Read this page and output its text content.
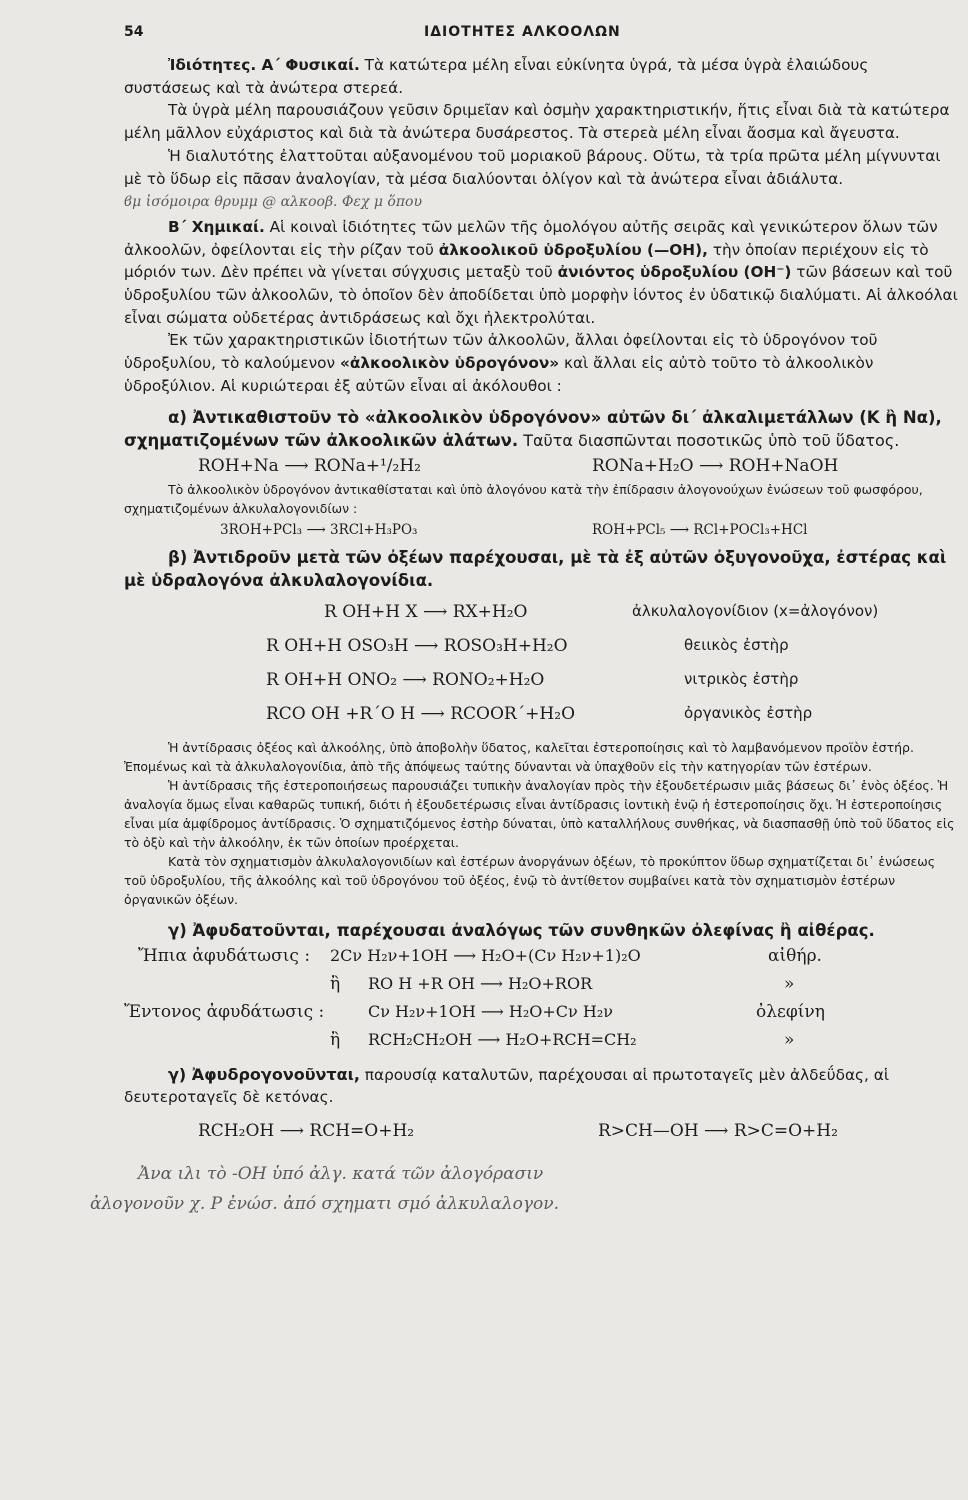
54	ΙΔΙΟΤΗΤΕΣ ΑΛΚΟΟΛΩΝ

Ἰδιότητες. Α΄ Φυσικαί. Τὰ κατώτερα μέλη εἶναι εὐκίνητα ὑγρά, τὰ μέσα ὑγρὰ ἐλαιώδους συστάσεως καὶ τὰ ἀνώτερα στερεά.

Τὰ ὑγρὰ μέλη παρουσιάζουν γεῦσιν δριμεῖαν καὶ ὀσμὴν χαρακτηριστικήν, ἥτις εἶναι διὰ τὰ κατώτερα μέλη μᾶλλον εὐχάριστος καὶ διὰ τὰ ἀνώτερα δυσάρεστος. Τὰ στερεὰ μέλη εἶναι ἄοσμα καὶ ἄγευστα.

Ἡ διαλυτότης ἐλαττοῦται αὐξανομένου τοῦ μοριακοῦ βάρους. Οὕτω, τὰ τρία πρῶτα μέλη μίγνυνται μὲ τὸ ὕδωρ εἰς πᾶσαν ἀναλογίαν, τὰ μέσα διαλύονται ὀλίγον καὶ τὰ ἀνώτερα εἶναι ἀδιάλυτα. ϐμ ἰσόμοιρα θρυμμ @ αλκοοβ. Φεχ μ ὅπου

Β΄ Χημικαί. Αἱ κοιναὶ ἰδιότητες τῶν μελῶν τῆς ὁμολόγου αὐτῆς σειρᾶς καὶ γενικώτερον ὅλων τῶν ἀλκοολῶν, ὀφείλονται εἰς τὴν ρίζαν τοῦ ἀλκοολικοῦ ὑδροξυλίου (—ΟΗ), τὴν ὁποίαν περιέχουν εἰς τὸ μόριόν των. Δὲν πρέπει νὰ γίνεται σύγχυσις μεταξὺ τοῦ ἀνιόντος ὑδροξυλίου (ΟΗ⁻) τῶν βάσεων καὶ τοῦ ὑδροξυλίου τῶν ἀλκοολῶν, τὸ ὁποῖον δὲν ἀποδίδεται ὑπὸ μορφὴν ἰόντος ἐν ὑδατικῷ διαλύματι. Αἱ ἀλκοόλαι εἶναι σώματα οὐδετέρας ἀντιδράσεως καὶ ὄχι ἠλεκτρολύται.

Ἐκ τῶν χαρακτηριστικῶν ἰδιοτήτων τῶν ἀλκοολῶν, ἄλλαι ὀφείλονται εἰς τὸ ὑδρογόνον τοῦ ὑδροξυλίου, τὸ καλούμενον «ἀλκοολικὸν ὑδρογόνον» καὶ ἄλλαι εἰς αὐτὸ τοῦτο τὸ ἀλκοολικὸν ὑδροξύλιον. Αἱ κυριώτεραι ἐξ αὐτῶν εἶναι αἱ ἀκόλουθοι :

α) Ἀντικαθιστοῦν τὸ «ἀλκοολικὸν ὑδρογόνον» αὐτῶν δι΄ ἀλκαλιμετάλλων (Κ ἢ Να), σχηματιζομένων τῶν ἀλκοολικῶν ἁλάτων. Ταῦτα διασπῶνται ποσοτικῶς ὑπὸ τοῦ ὕδατος.

ROH+Na ⟶ RONa+¹/₂H₂	RONa+H₂O ⟶ ROH+NaOH

Τὸ ἀλκοολικὸν ὑδρογόνον ἀντικαθίσταται καὶ ὑπὸ ἀλογόνου κατὰ τὴν ἐπίδρασιν ἀλογονούχων ἑνώσεων τοῦ φωσφόρου, σχηματιζομένων ἀλκυλαλογονιδίων :

3ROH+PCl₃ ⟶ 3RCl+H₃PO₃	ROH+PCl₅ ⟶ RCl+POCl₃+HCl

β) Ἀντιδροῦν μετὰ τῶν ὀξέων παρέχουσαι, μὲ τὰ ἐξ αὐτῶν ὀξυγονοῦχα, ἐστέρας καὶ μὲ ὑδραλογόνα ἀλκυλαλογονίδια.

R OH+H X ⟶ RX+H₂O	ἀλκυλαλογονίδιον (x=ἀλογόνον)
R OH+H OSO₃H ⟶ ROSO₃H+H₂O	θειικὸς ἐστὴρ
R OH+H ONO₂ ⟶ RONO₂+H₂O	νιτρικὸς ἐστὴρ
RCO OH +R΄O H ⟶ RCOOR΄+H₂O	ὀργανικὸς ἐστὴρ

Ἡ ἀντίδρασις ὀξέος καὶ ἀλκοόλης, ὑπὸ ἀποβολὴν ὕδατος, καλεῖται ἐστεροποίησις καὶ τὸ λαμβανόμενον προϊὸν ἐστήρ. Ἐπομένως καὶ τὰ ἀλκυλαλογονίδια, ἀπὸ τῆς ἀπόψεως ταύτης δύνανται νὰ ὑπαχθοῦν εἰς τὴν κατηγορίαν τῶν ἐστέρων.

Ἡ ἀντίδρασις τῆς ἐστεροποιήσεως παρουσιάζει τυπικὴν ἀναλογίαν πρὸς τὴν ἐξουδετέρωσιν μιᾶς βάσεως δι᾽ ἑνὸς ὀξέος. Ἡ ἀναλογία ὅμως εἶναι καθαρῶς τυπική, διότι ἡ ἐξουδετέρωσις εἶναι ἀντίδρασις ἰοντικὴ ἐνῷ ἡ ἐστεροποίησις ὄχι. Ἡ ἐστεροποίησις εἶναι μία ἀμφίδρομος ἀντίδρασις. Ὁ σχηματιζόμενος ἐστὴρ δύναται, ὑπὸ καταλλήλους συνθήκας, νὰ διασπασθῇ ὑπὸ τοῦ ὕδατος εἰς τὸ ὀξὺ καὶ τὴν ἀλκοόλην, ἐκ τῶν ὁποίων προέρχεται.

Κατὰ τὸν σχηματισμὸν ἀλκυλαλογονιδίων καὶ ἐστέρων ἀνοργάνων ὀξέων, τὸ προκύπτον ὕδωρ σχηματίζεται δι᾽ ἑνώσεως τοῦ ὑδροξυλίου, τῆς ἀλκοόλης καὶ τοῦ ὑδρογόνου τοῦ ὀξέος, ἐνῷ τὸ ἀντίθετον συμβαίνει κατὰ τὸν σχηματισμὸν ἐστέρων ὀργανικῶν ὀξέων.

γ) Ἀφυδατοῦνται, παρέχουσαι ἀναλόγως τῶν συνθηκῶν ὀλεφίνας ἢ αἰθέρας.

Ἤπια ἀφυδάτωσις : 2Cν H₂ν+1OH ⟶ H₂O+(Cν H₂ν+1)₂O	αἰθήρ.
ἢ RO H +R OH ⟶ H₂O+ROR	»
Ἔντονος ἀφυδάτωσις :	Cν H₂ν+1OH ⟶ H₂O+Cν H₂ν	ὀλεφίνη
ἢ RCH₂CH₂OH ⟶ H₂O+RCH=CH₂	»

γ) Ἀφυδρογονοῦνται, παρουσίᾳ καταλυτῶν, παρέχουσαι αἱ πρωτοταγεῖς μὲν ἀλδεΰδας, αἱ δευτεροταγεῖς δὲ κετόνας.

RCH₂OH ⟶ RCH=O+H₂	R>CH—OH ⟶ R>C=O+H₂
Ἀνα ιλι τὸ -ΟΗ ὑπό ἀλγ. κατά τῶν ἀλογόρασιν
ἀλογονοῦν χ. Ρ ἐνώσ. ἀπό σχηματι σμό ἀλκυλαλογον.
